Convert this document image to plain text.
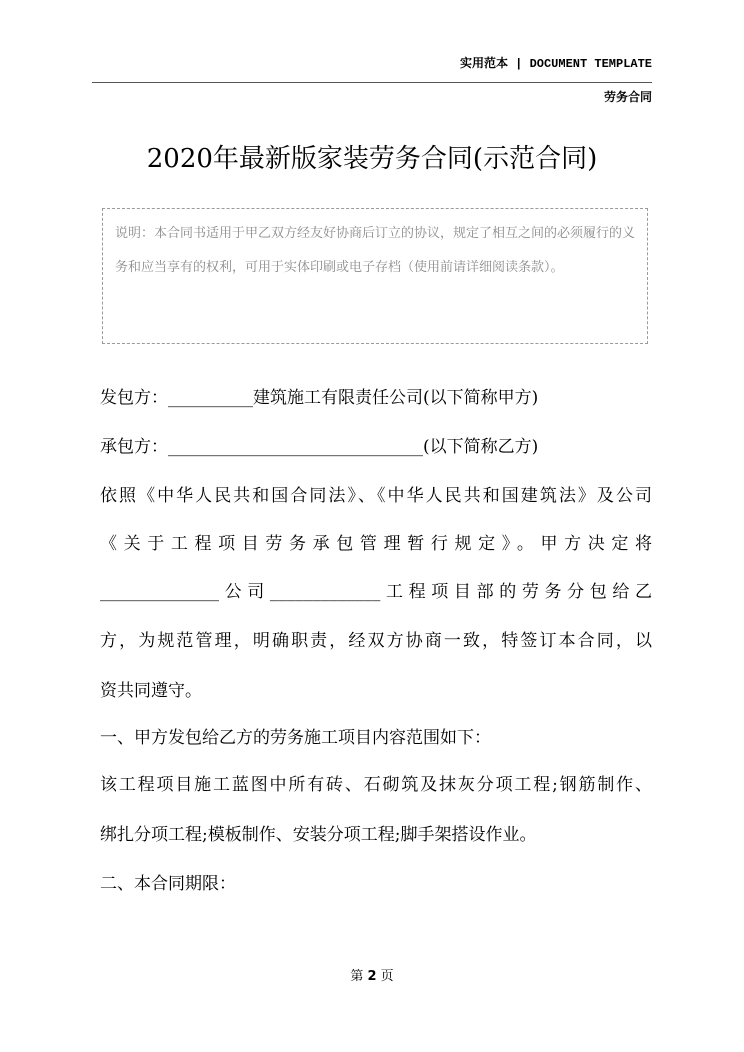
实用范本 | DOCUMENT TEMPLATE
劳务合同
2020年最新版家装劳务合同(示范合同)
说明：本合同书适用于甲乙双方经友好协商后订立的协议，规定了相互之间的必须履行的义务和应当享有的权利，可用于实体印刷或电子存档（使用前请详细阅读条款）。
发包方：__________建筑施工有限责任公司(以下简称甲方)
承包方：______________________________(以下简称乙方)
依照《中华人民共和国合同法》、《中华人民共和国建筑法》及公司
《关于工程项目劳务承包管理暂行规定》。甲方决定将
______________公司_____________工程项目部的劳务分包给乙
方，为规范管理，明确职责，经双方协商一致，特签订本合同，以
资共同遵守。
一、甲方发包给乙方的劳务施工项目内容范围如下：
该工程项目施工蓝图中所有砖、石砌筑及抹灰分项工程;钢筋制作、
绑扎分项工程;模板制作、安装分项工程;脚手架搭设作业。
二、本合同期限：
第 2 页
